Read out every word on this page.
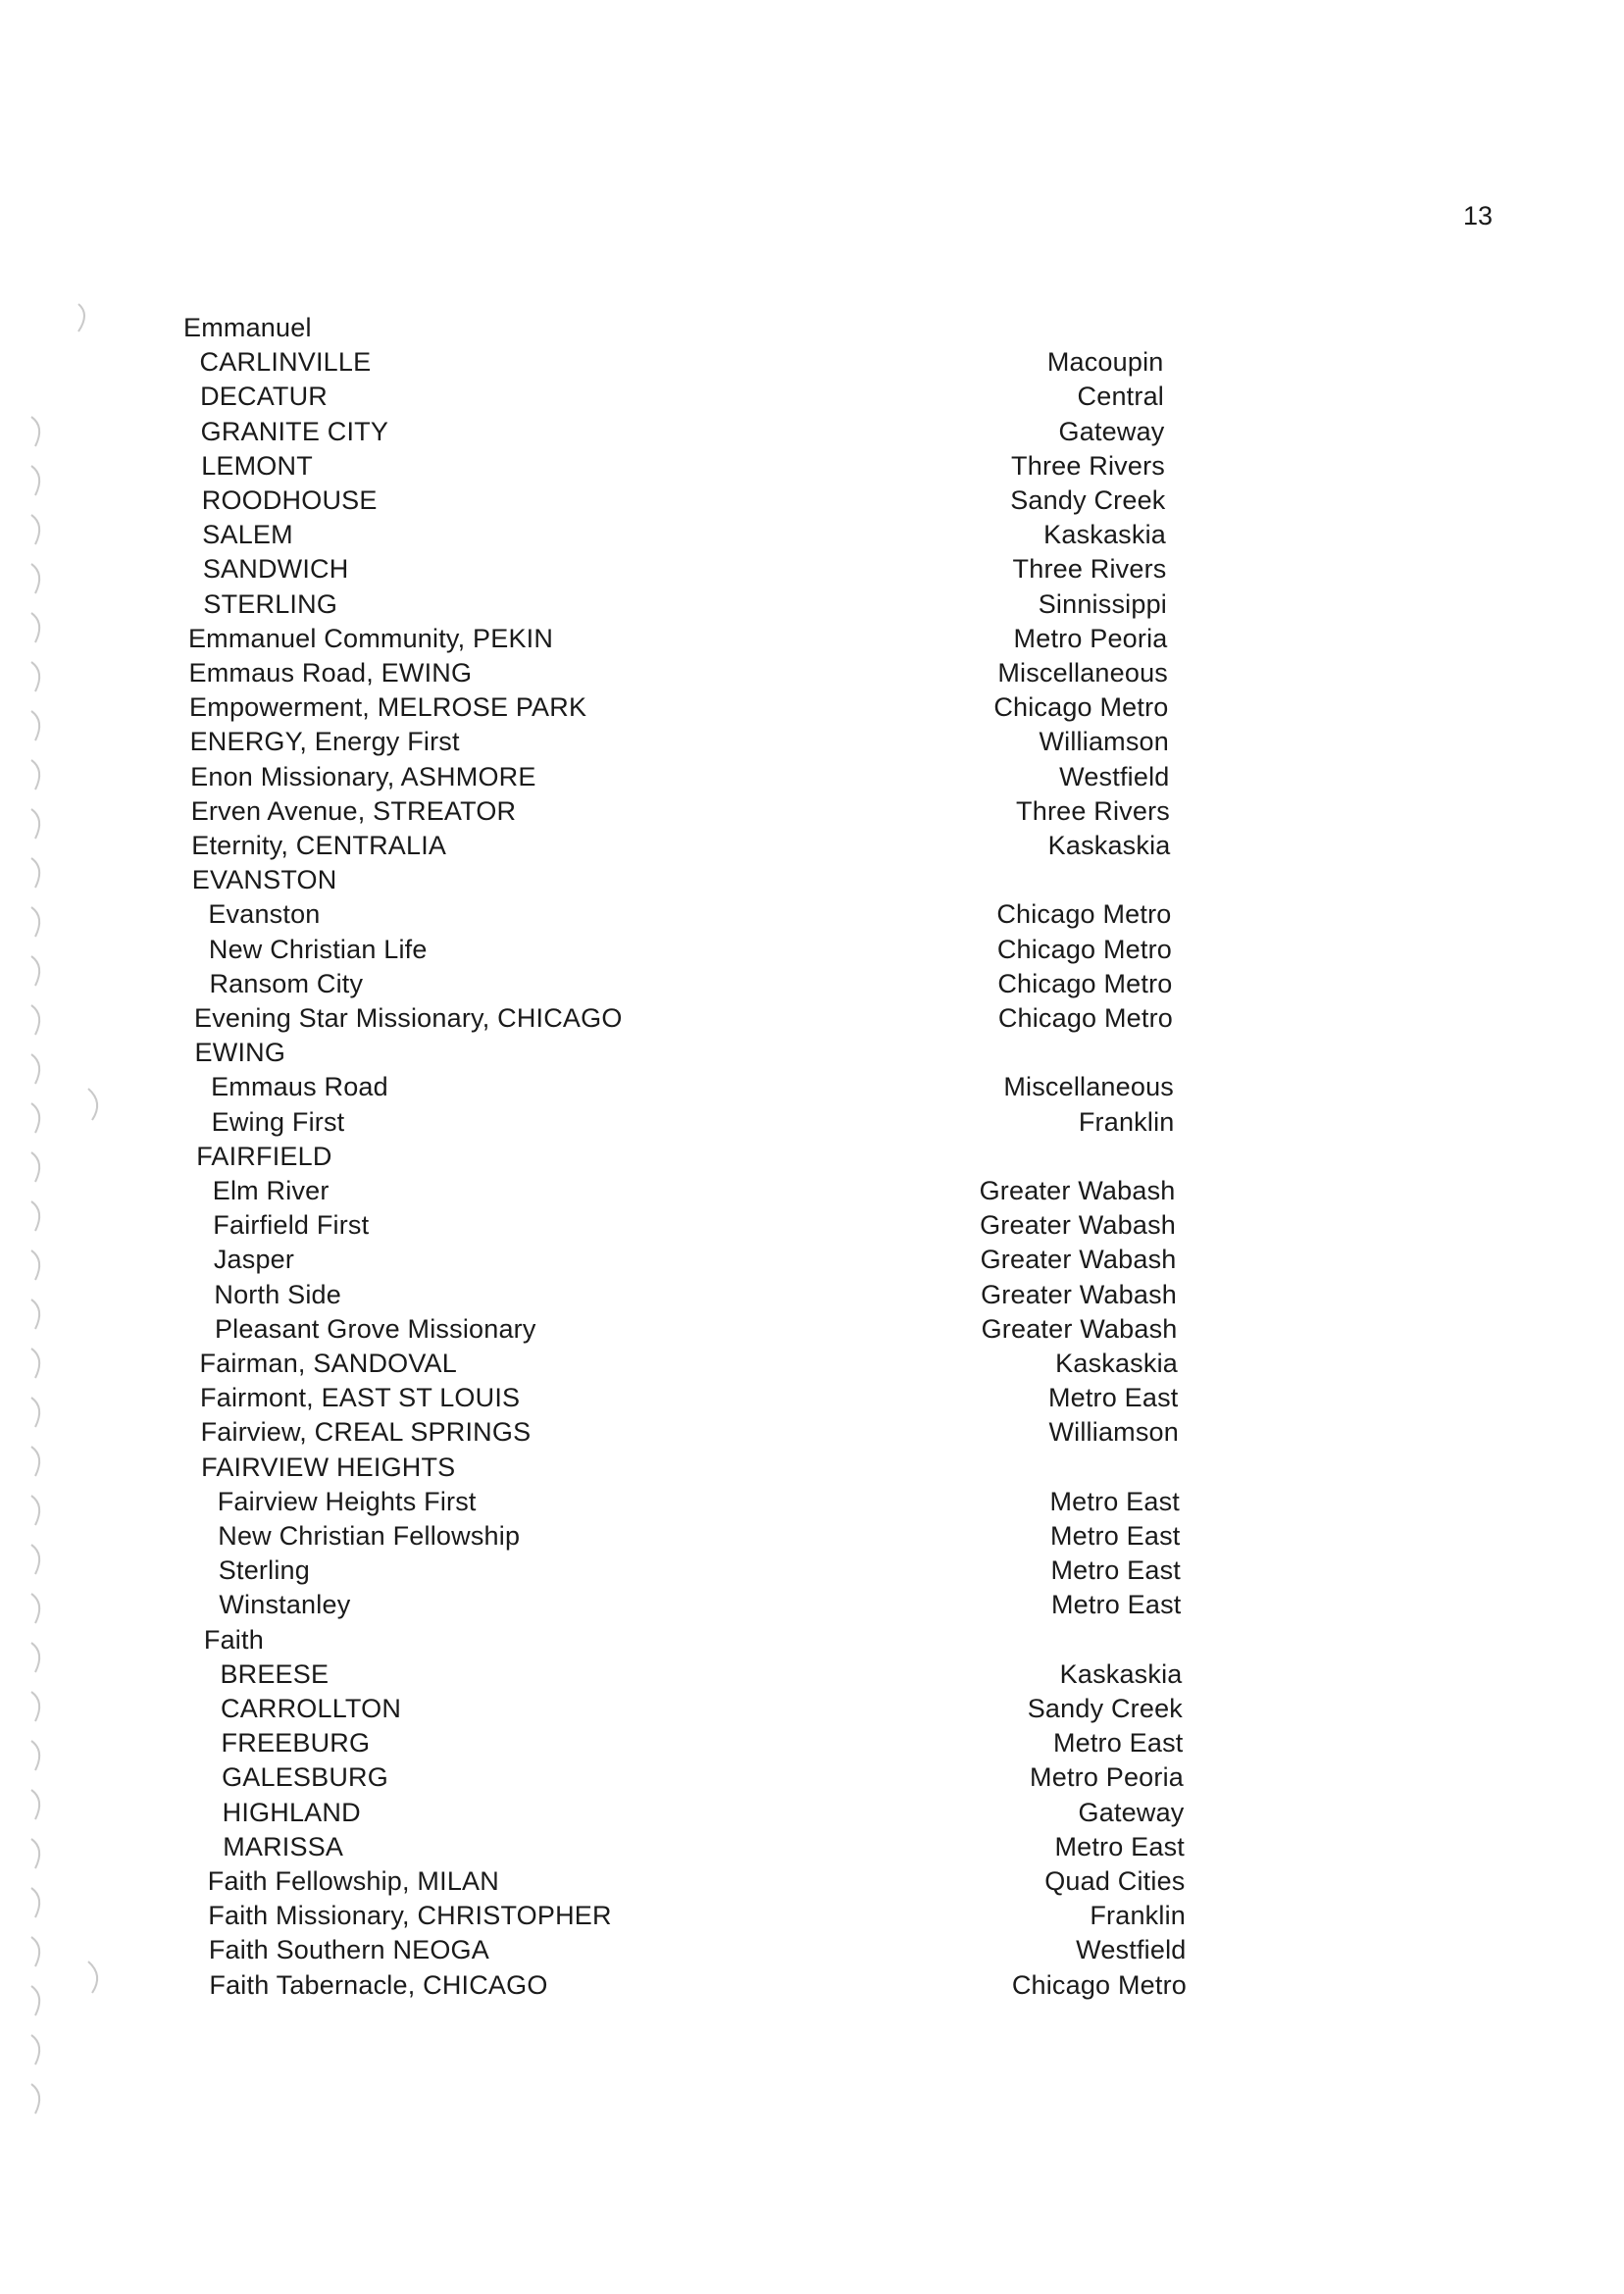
13
Emmanuel
CARLINVILLE
DECATUR
GRANITE CITY
LEMONT
ROODHOUSE
SALEM
SANDWICH
STERLING
Emmanuel Community, PEKIN
Emmaus Road, EWING
Empowerment, MELROSE PARK
ENERGY, Energy First
Enon Missionary, ASHMORE
Erven Avenue, STREATOR
Eternity, CENTRALIA
EVANSTON
Evanston
New Christian Life
Ransom City
Evening Star Missionary, CHICAGO
EWING
Emmaus Road
Ewing First
FAIRFIELD
Elm River
Fairfield First
Jasper
North Side
Pleasant Grove Missionary
Fairman, SANDOVAL
Fairmont, EAST ST LOUIS
Fairview, CREAL SPRINGS
FAIRVIEW HEIGHTS
Fairview Heights First
New Christian Fellowship
Sterling
Winstanley
Faith
BREESE
CARROLLTON
FREEBURG
GALESBURG
HIGHLAND
MARISSA
Faith Fellowship, MILAN
Faith Missionary, CHRISTOPHER
Faith Southern NEOGA
Faith Tabernacle, CHICAGO
Macoupin
Central
Gateway
Three Rivers
Sandy Creek
Kaskaskia
Three Rivers
Sinnissippi
Metro Peoria
Miscellaneous
Chicago Metro
Williamson
Westfield
Three Rivers
Kaskaskia
Chicago Metro
Chicago Metro
Chicago Metro
Chicago Metro
Miscellaneous
Franklin
Greater Wabash
Greater Wabash
Greater Wabash
Greater Wabash
Greater Wabash
Kaskaskia
Metro East
Williamson
Metro East
Metro East
Metro East
Metro East
Kaskaskia
Sandy Creek
Metro East
Metro Peoria
Gateway
Metro East
Quad Cities
Franklin
Westfield
Chicago Metro
